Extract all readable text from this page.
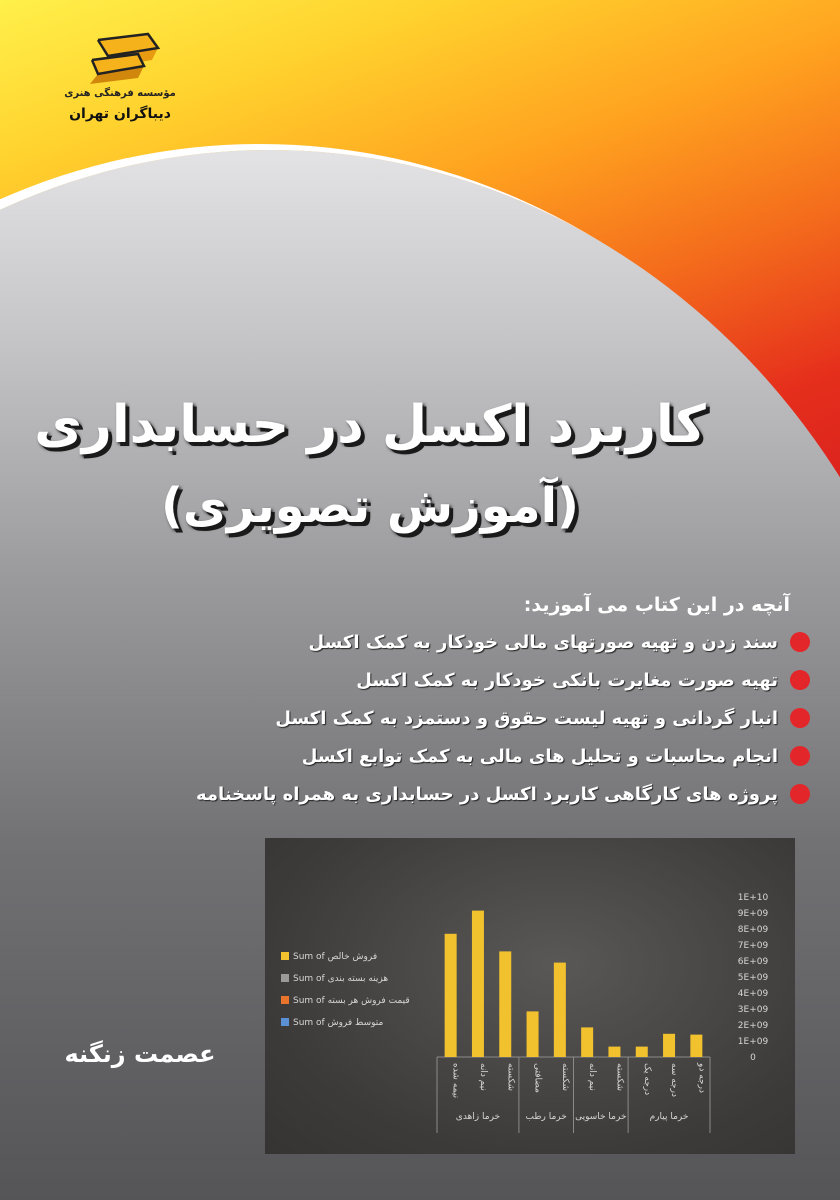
مؤسسه فرهنگی هنری
دیباگران تهران
کاربرد اکسل در حسابداری
(آموزش تصویری)
آنچه در این کتاب می آموزید:
سند زدن و تهیه صورتهای مالی خودکار به کمک اکسل
تهیه صورت مغایرت بانکی خودکار به کمک اکسل
انبار گردانی و تهیه لیست حقوق و دستمزد به کمک اکسل
انجام محاسبات و تحلیل های مالی به کمک توابع اکسل
پروژه های کارگاهی کاربرد اکسل در حسابداری به همراه پاسخنامه
1E+10
9E+09
8E+09
7E+09
6E+09
5E+09
4E+09
3E+09
2E+09
1E+09
0
درجه دو
درجه سه
درجه یک
شکسته
نیم دانه
شکسته
مضافتی
شکسته
نیم دانه
نیمه شده
خرما پیارم
خرما خاسویی
خرما رطب
خرما زاهدی
Sum of فروش خالص
Sum of هزینه بسته بندی
Sum of قیمت فروش هر بسته
Sum of متوسط فروش
عصمت زنگنه
